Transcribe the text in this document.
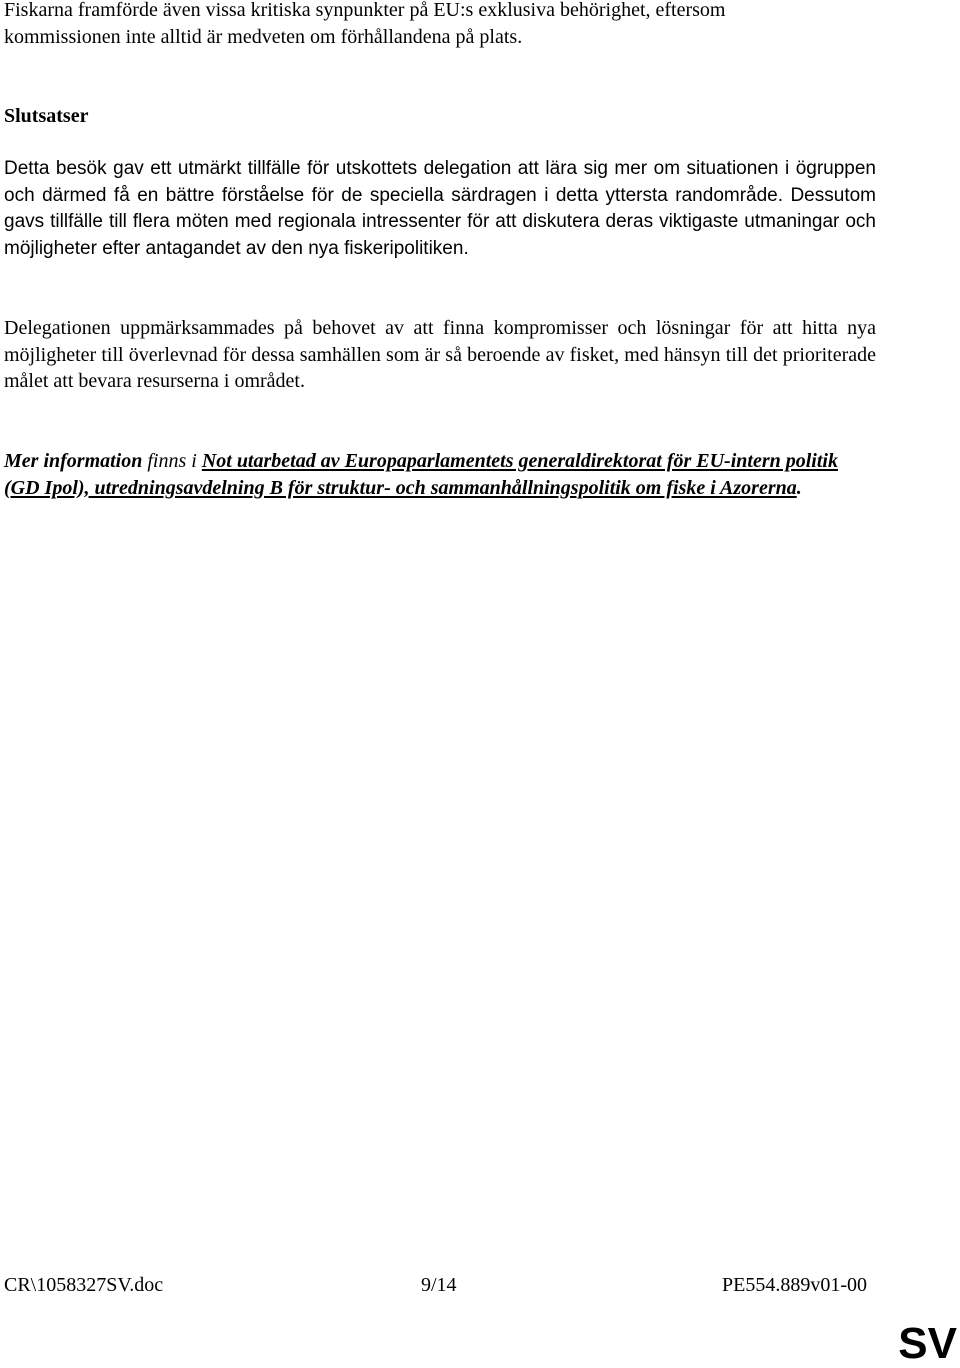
Fiskarna framförde även vissa kritiska synpunkter på EU:s exklusiva behörighet, eftersom

kommissionen inte alltid är medveten om förhållandena på plats.

Slutsatser

Detta besök gav ett utmärkt tillfälle för utskottets delegation att lära sig mer om situationen i ögruppen och därmed få en bättre förståelse för de speciella särdragen i detta yttersta randområde. Dessutom gavs tillfälle till flera möten med regionala intressenter för att diskutera deras viktigaste utmaningar och möjligheter efter antagandet av den nya fiskeripolitiken.

Delegationen uppmärksammades på behovet av att finna kompromisser och lösningar för att hitta nya möjligheter till överlevnad för dessa samhällen som är så beroende av fisket, med hänsyn till det prioriterade målet att bevara resurserna i området.

Mer information finns i Not utarbetad av Europaparlamentets generaldirektorat för EU-intern politik (GD Ipol), utredningsavdelning B för struktur- och sammanhållningspolitik om fiske i Azorerna.

CR\1058327SV.doc	9/14	PE554.889v01-00
SV
